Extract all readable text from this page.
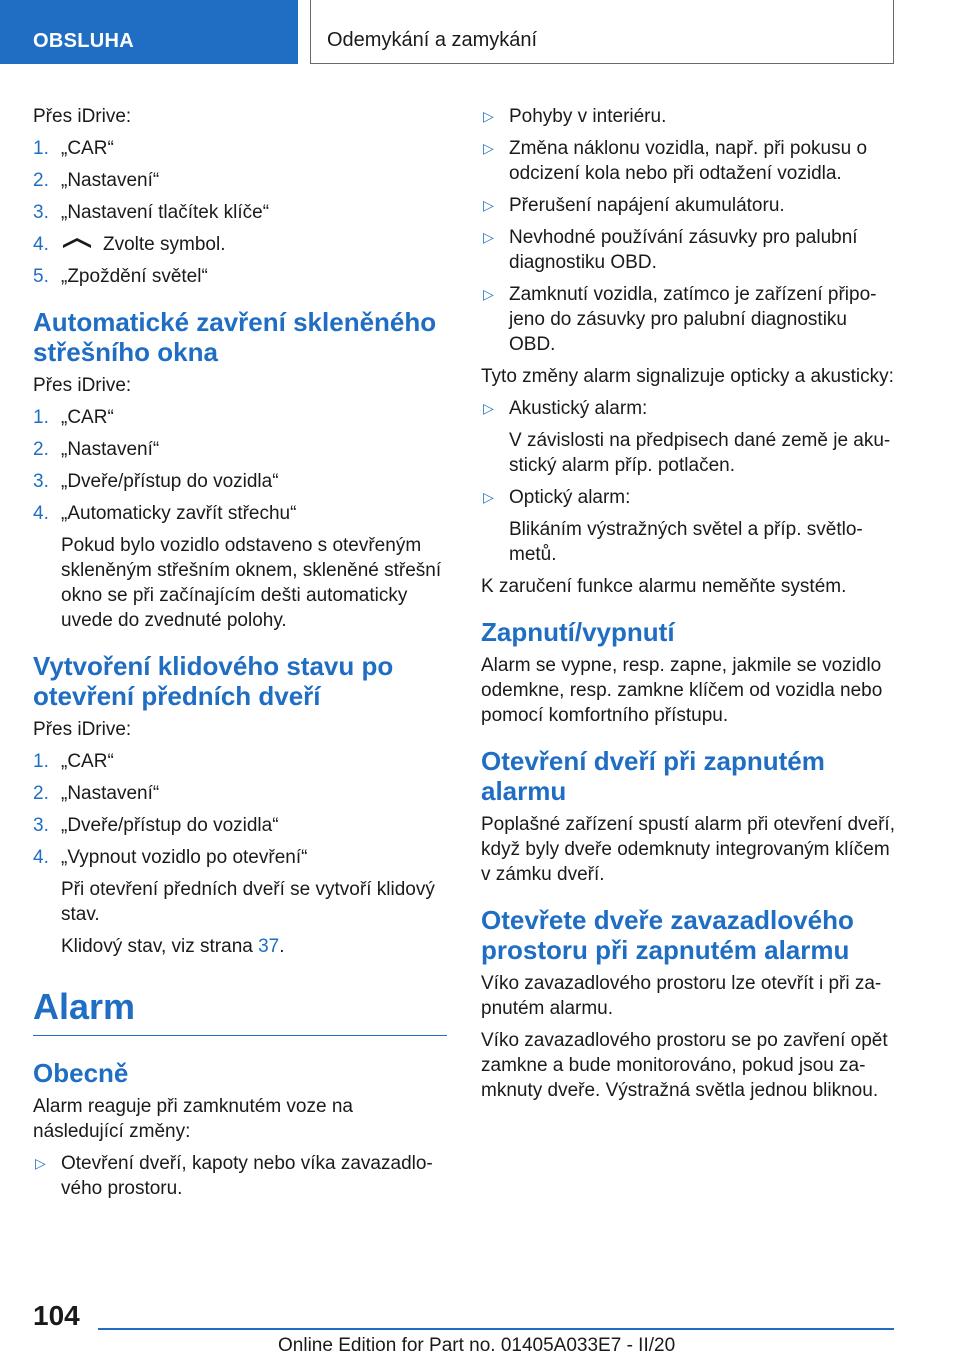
OBSLUHA	Odemykání a zamykání

Přes iDrive:

1. „CAR“
2. „Nastavení“
3. „Nastavení tlačítek klíče“
4.	Zvolte symbol.
5. „Zpoždění světel“
Automatické zavření skleněného střešního okna

Přes iDrive:

1. „CAR“
2. „Nastavení“
3. „Dveře/přístup do vozidla“
4. „Automaticky zavřít střechu“
Pokud bylo vozidlo odstaveno s otevřeným skleněným střešním oknem, skleněné střešní okno se při začínajícím dešti automaticky uvede do zvednuté polohy.
Vytvoření klidového stavu po otevření předních dveří

Přes iDrive:

1. „CAR“
2. „Nastavení“
3. „Dveře/přístup do vozidla“
4. „Vypnout vozidlo po otevření“
Při otevření předních dveří se vytvoří klidový stav.
Klidový stav, viz strana 37.
Alarm
Obecně

Alarm reaguje při zamknutém voze na následující změny:

▷ Otevření dveří, kapoty nebo víka zavazadlo-vého prostoru.
▷ Pohyby v interiéru.
▷ Změna náklonu vozidla, např. při pokusu o odcizení kola nebo při odtažení vozidla.
▷ Přerušení napájení akumulátoru.
▷ Nevhodné používání zásuvky pro palubní diagnostiku OBD.
▷ Zamknutí vozidla, zatímco je zařízení připo-jeno do zásuvky pro palubní diagnostiku OBD.

Tyto změny alarm signalizuje opticky a akusticky:

▷ Akustický alarm:
V závislosti na předpisech dané země je aku-stický alarm příp. potlačen.
▷ Optický alarm:
Blikáním výstražných světel a příp. světlo-metů.

K zaručení funkce alarmu neměňte systém.

Zapnutí/vypnutí

Alarm se vypne, resp. zapne, jakmile se vozidlo odemkne, resp. zamkne klíčem od vozidla nebo pomocí komfortního přístupu.

Otevření dveří při zapnutém alarmu

Poplašné zařízení spustí alarm při otevření dveří, když byly dveře odemknuty integrovaným klíčem v zámku dveří.

Otevřete dveře zavazadlového prostoru při zapnutém alarmu

Víko zavazadlového prostoru lze otevřít i při za-pnutém alarmu.

Víko zavazadlového prostoru se po zavření opět zamkne a bude monitorováno, pokud jsou za-mknuty dveře. Výstražná světla jednou bliknou.

104
Online Edition for Part no. 01405A033E7 - II/20
